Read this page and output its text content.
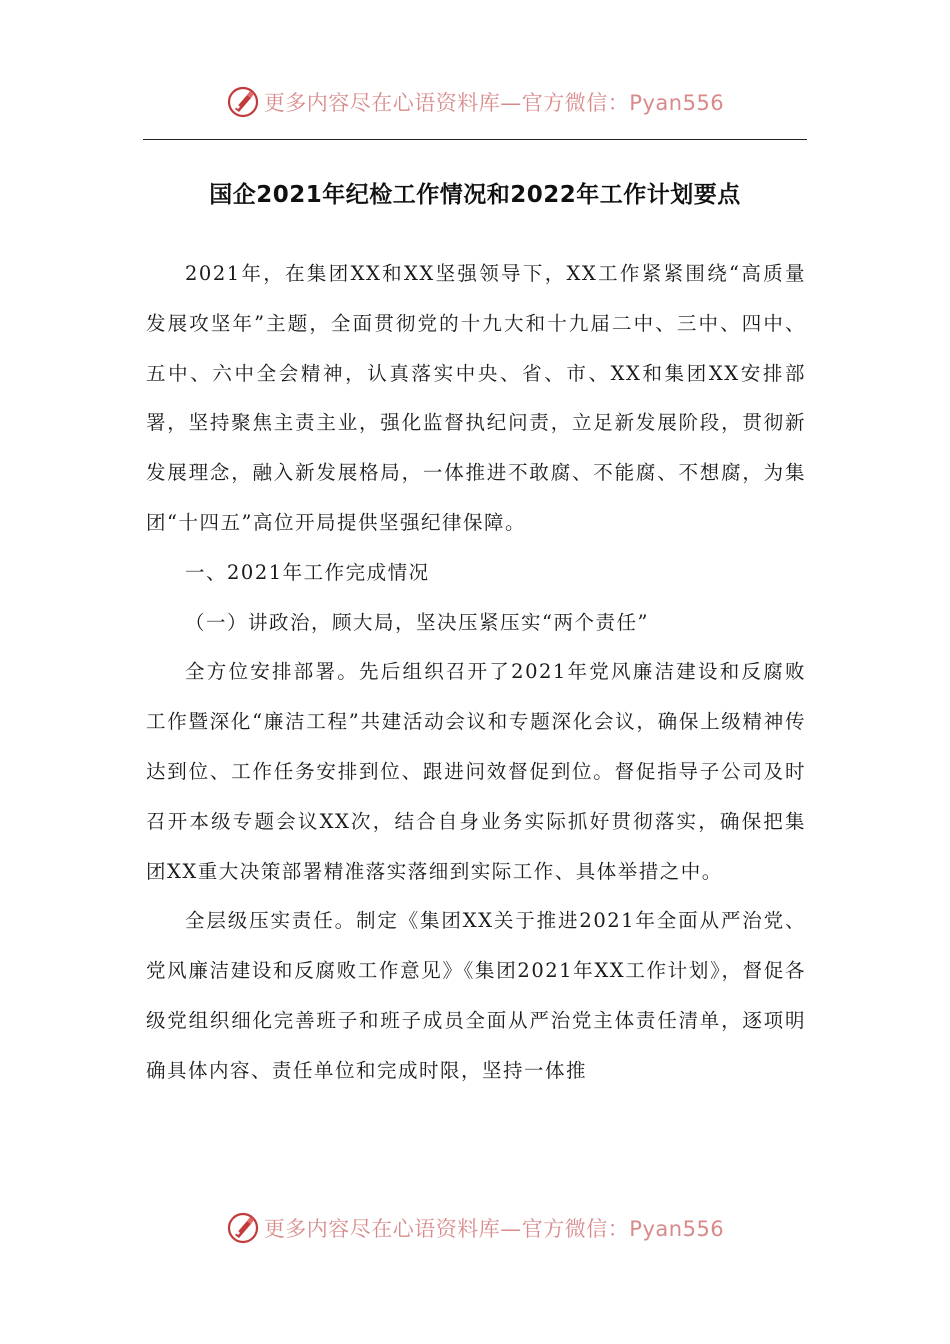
更多内容尽在心语资料库—官方微信：Pyan556
国企2021年纪检工作情况和2022年工作计划要点

2021年，在集团XX和XX坚强领导下，XX工作紧紧围绕“高质量发展攻坚年”主题，全面贯彻党的十九大和十九届二中、三中、四中、五中、六中全会精神，认真落实中央、省、市、XX和集团XX安排部署，坚持聚焦主责主业，强化监督执纪问责，立足新发展阶段，贯彻新发展理念，融入新发展格局，一体推进不敢腐、不能腐、不想腐，为集团“十四五”高位开局提供坚强纪律保障。

一、2021年工作完成情况

（一）讲政治，顾大局，坚决压紧压实“两个责任”

全方位安排部署。先后组织召开了2021年党风廉洁建设和反腐败工作暨深化“廉洁工程”共建活动会议和专题深化会议，确保上级精神传达到位、工作任务安排到位、跟进问效督促到位。督促指导子公司及时召开本级专题会议XX次，结合自身业务实际抓好贯彻落实，确保把集团XX重大决策部署精准落实落细到实际工作、具体举措之中。

全层级压实责任。制定《集团XX关于推进2021年全面从严治党、党风廉洁建设和反腐败工作意见》《集团2021年XX工作计划》，督促各级党组织细化完善班子和班子成员全面从严治党主体责任清单，逐项明确具体内容、责任单位和完成时限，坚持一体推

更多内容尽在心语资料库—官方微信：Pyan556
